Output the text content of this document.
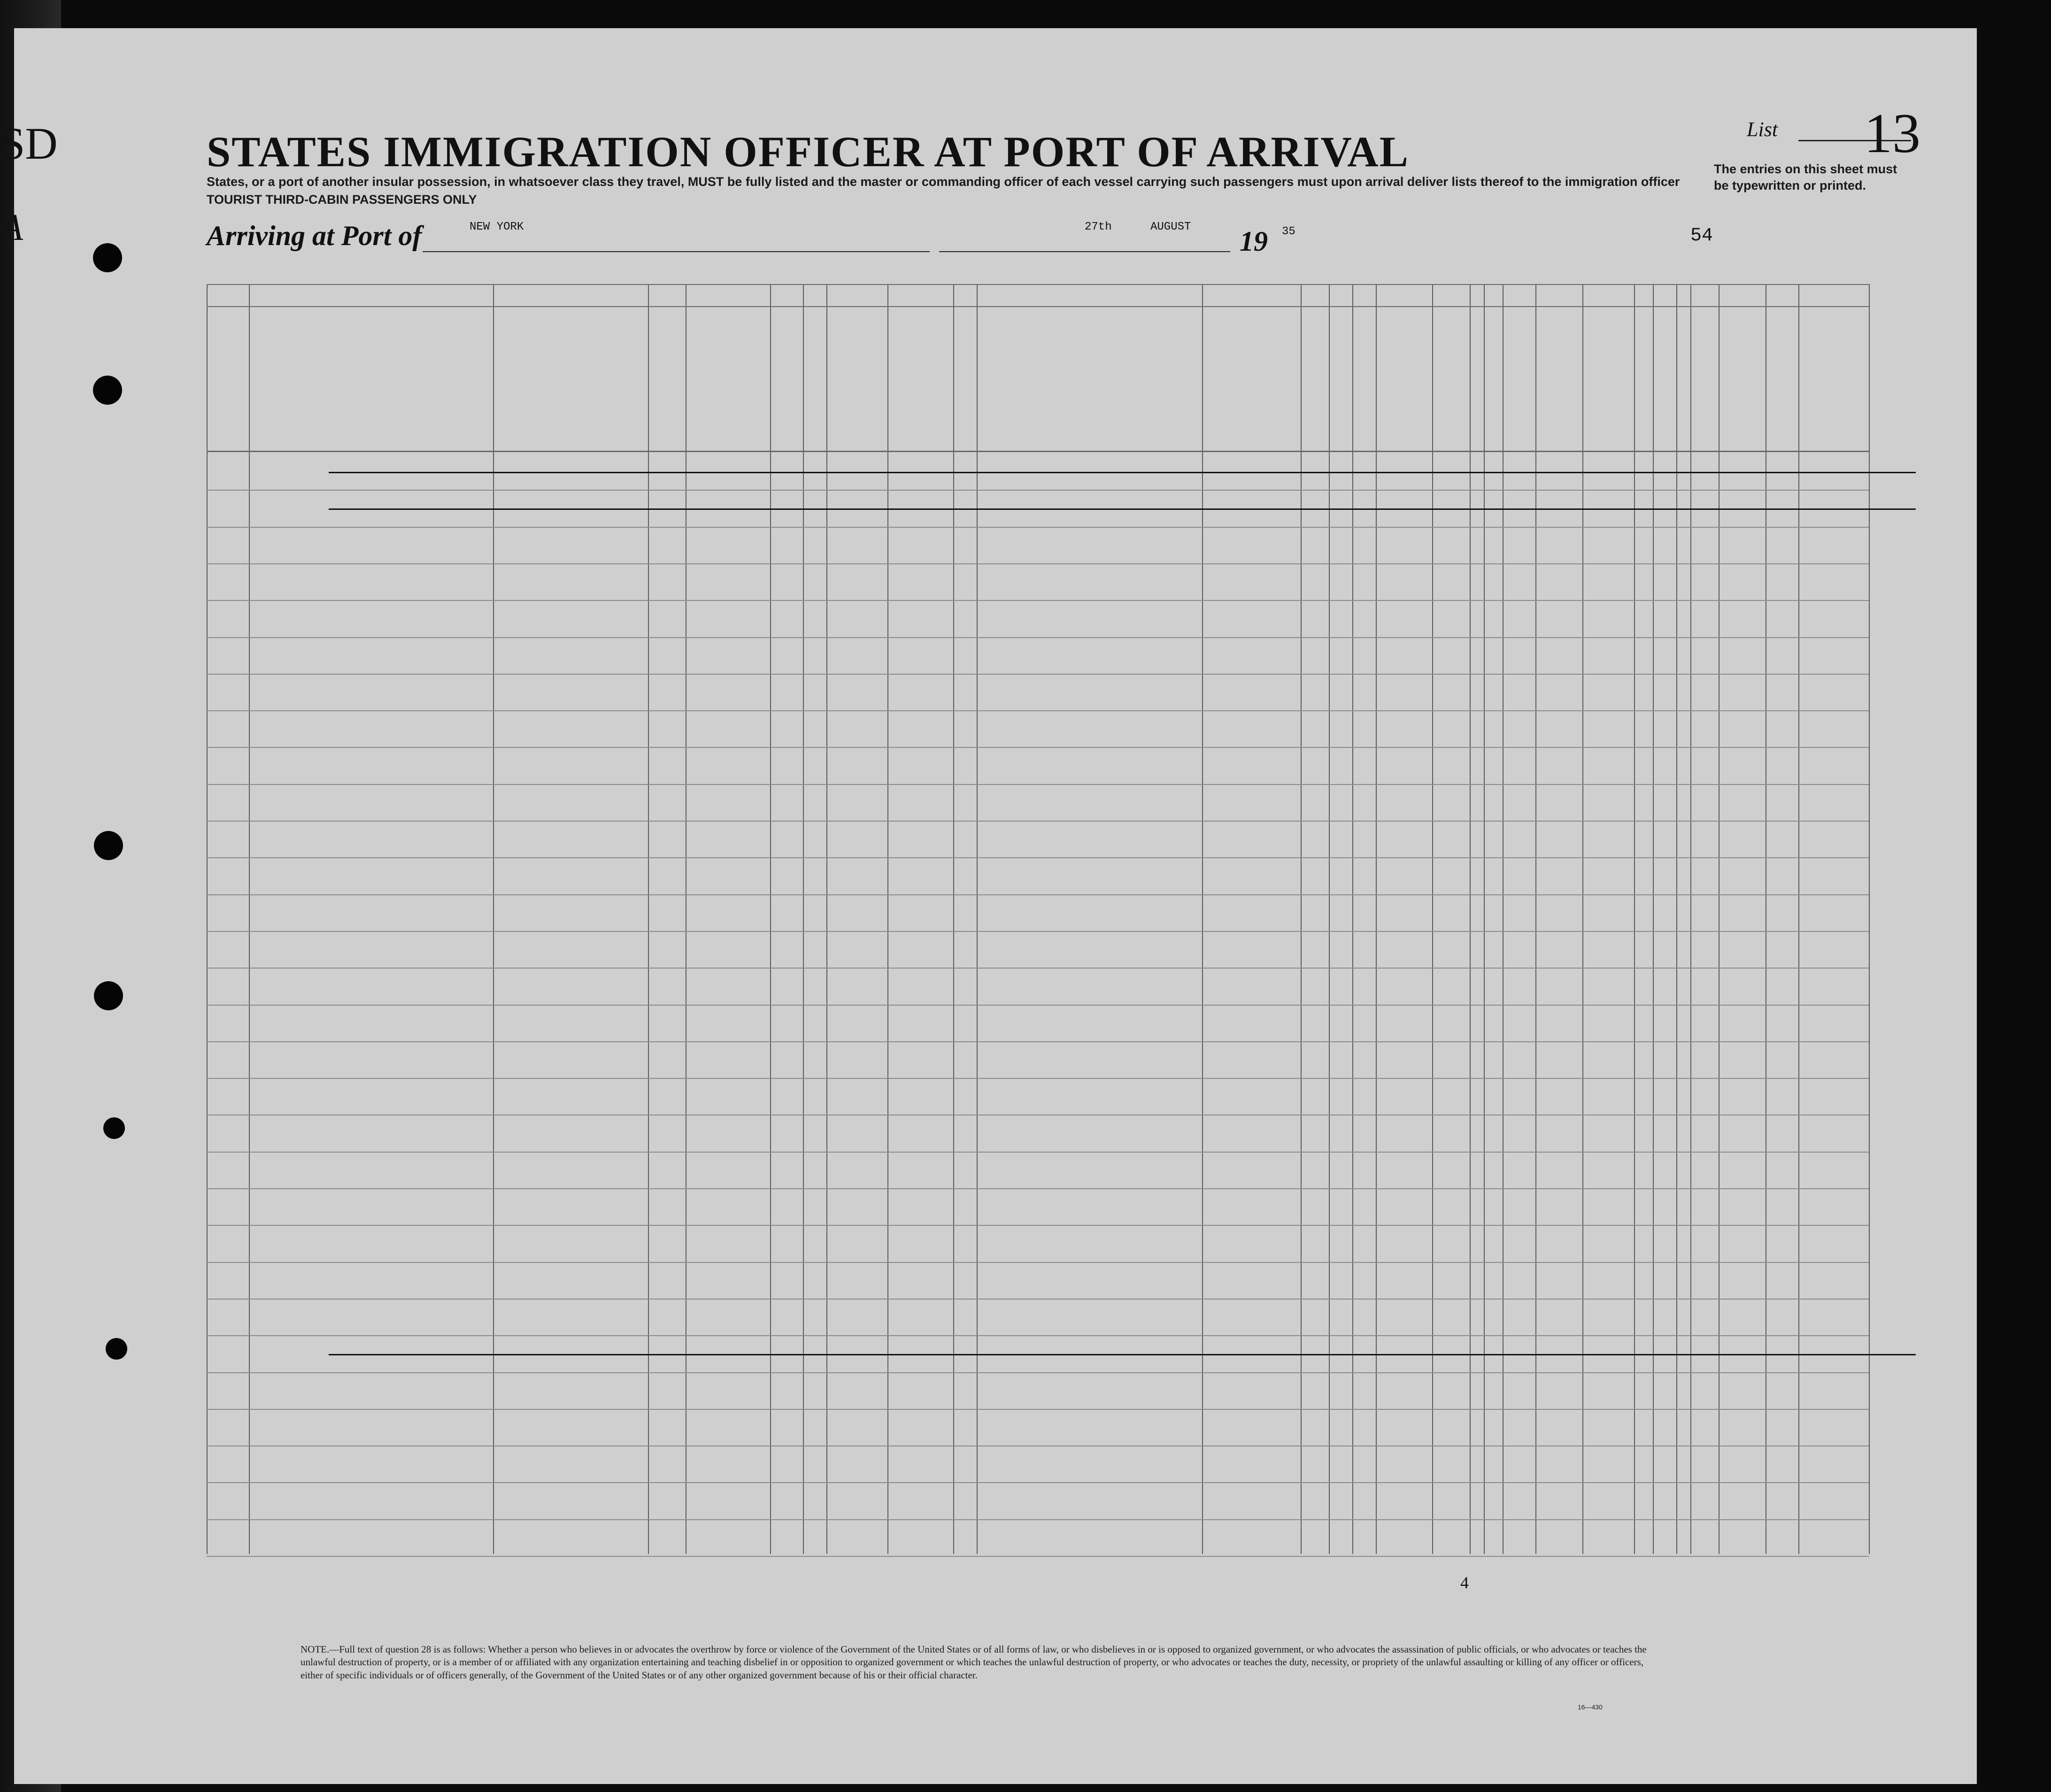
SD
A
STATES IMMIGRATION OFFICER AT PORT OF ARRIVAL
States, or a port of another insular possession, in whatsoever class they travel, MUST be fully listed and the master or commanding officer of each vessel carrying such passengers must upon arrival deliver lists thereof to the immigration officer
TOURIST THIRD-CABIN PASSENGERS ONLY
List 13
The entries on this sheet must
be typewritten or printed.
Arriving at Port of	NEW YORK	27th	AUGUST 19 35	54
NOTE.—Full text of question 28 is as follows: Whether a person who believes in or advocates the overthrow by force or violence of the Government of the United States or of all forms of law, or who disbelieves in or is opposed to organized government, or who advocates the assassination of public officials, or who advocates or teaches the unlawful destruction of property, or is a member of or affiliated with any organization entertaining and teaching disbelief in or opposition to organized government or which teaches the unlawful destruction of property, or who advocates or teaches the duty, necessity, or propriety of the unlawful assaulting or killing of any officer or officers, either of specific individuals or of officers generally, of the Government of the United States or of any other organized government because of his or their official character.
16—430
4
